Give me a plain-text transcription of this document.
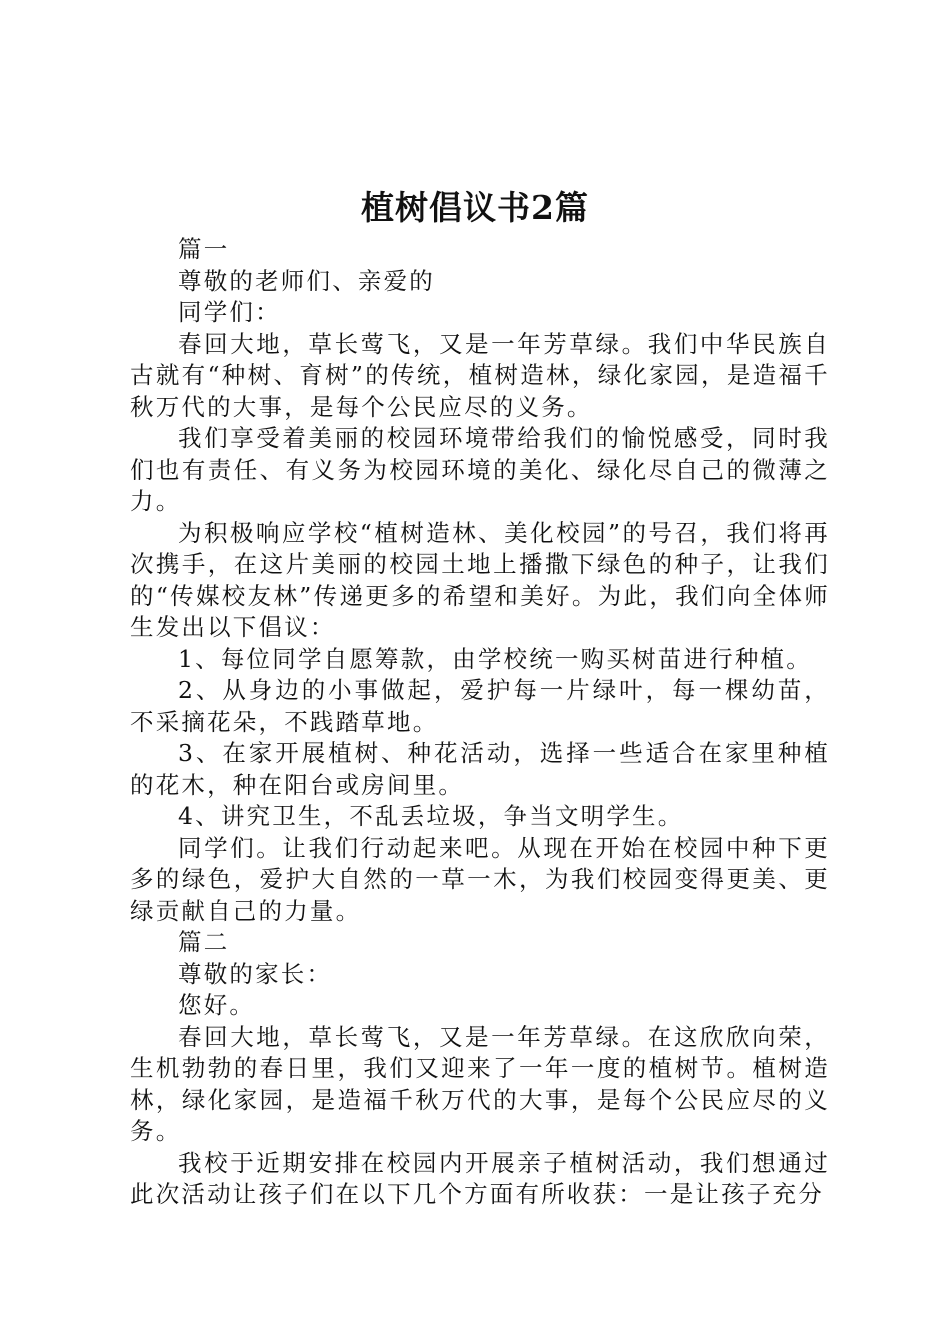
植树倡议书2篇

篇一

尊敬的老师们、亲爱的

同学们：

春回大地，草长莺飞，又是一年芳草绿。我们中华民族自古就有“种树、育树”的传统，植树造林，绿化家园，是造福千秋万代的大事，是每个公民应尽的义务。

我们享受着美丽的校园环境带给我们的愉悦感受，同时我们也有责任、有义务为校园环境的美化、绿化尽自己的微薄之力。

为积极响应学校“植树造林、美化校园”的号召，我们将再次携手，在这片美丽的校园土地上播撒下绿色的种子，让我们的“传媒校友林”传递更多的希望和美好。为此，我们向全体师生发出以下倡议：

1、每位同学自愿筹款，由学校统一购买树苗进行种植。

2、从身边的小事做起，爱护每一片绿叶，每一棵幼苗，不采摘花朵，不践踏草地。

3、在家开展植树、种花活动，选择一些适合在家里种植的花木，种在阳台或房间里。

4、讲究卫生，不乱丢垃圾，争当文明学生。

同学们。让我们行动起来吧。从现在开始在校园中种下更多的绿色，爱护大自然的一草一木，为我们校园变得更美、更绿贡献自己的力量。

篇二

尊敬的家长：

您好。

春回大地，草长莺飞，又是一年芳草绿。在这欣欣向荣，生机勃勃的春日里，我们又迎来了一年一度的植树节。植树造林，绿化家园，是造福千秋万代的大事，是每个公民应尽的义务。

我校于近期安排在校园内开展亲子植树活动，我们想通过此次活动让孩子们在以下几个方面有所收获：一是让孩子充分
